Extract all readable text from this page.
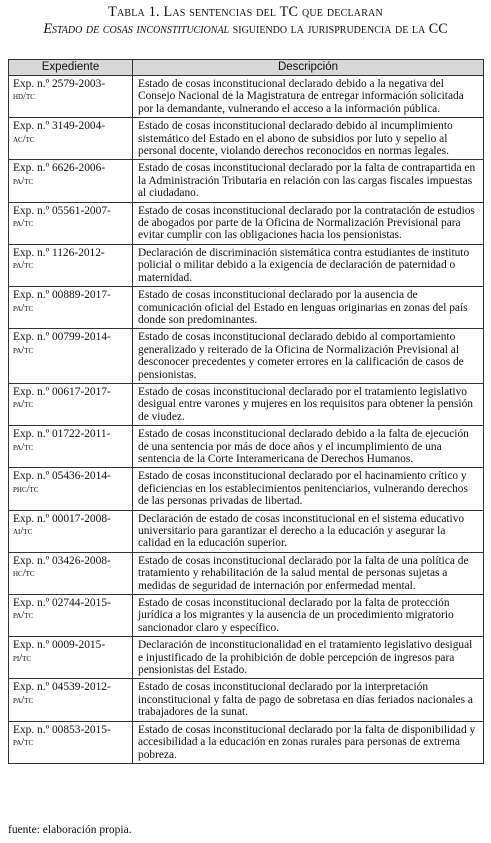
Tabla 1. Las sentencias del TC que declaran
Estado de cosas inconstitucional siguiendo la jurisprudencia de la CC
Expediente	Descripción
Exp. n.º 2579-2003-
hd/tc	Estado de cosas inconstitucional declarado debido a la negativa del Consejo Nacional de la Magistratura de entregar información solicitada por la demandante, vulnerando el acceso a la información pública.
Exp. n.º 3149-2004-
ac/tc	Estado de cosas inconstitucional declarado debido al incumplimiento sistemático del Estado en el abono de subsidios por luto y sepelio al personal docente, violando derechos reconocidos en normas legales.
Exp. n.º 6626-2006-
pa/tc	Estado de cosas inconstitucional declarado por la falta de contrapartida en la Administración Tributaria en relación con las cargas fiscales impuestas al ciudadano.
Exp. n.º 05561-2007-
pa/tc	Estado de cosas inconstitucional declarado por la contratación de estudios de abogados por parte de la Oficina de Normalización Previsional para evitar cumplir con las obligaciones hacia los pensionistas.
Exp. n.º 1126-2012-
pa/tc	Declaración de discriminación sistemática contra estudiantes de instituto policial o militar debido a la exigencia de declaración de paternidad o maternidad.
Exp. n.º 00889-2017-
pa/tc	Estado de cosas inconstitucional declarado por la ausencia de comunicación oficial del Estado en lenguas originarias en zonas del país donde son predominantes.
Exp. n.º 00799-2014-
pa/tc	Estado de cosas inconstitucional declarado debido al comportamiento generalizado y reiterado de la Oficina de Normalización Previsional al desconocer precedentes y cometer errores en la calificación de casos de pensionistas.
Exp. n.º 00617-2017-
pa/tc	Estado de cosas inconstitucional declarado por el tratamiento legislativo desigual entre varones y mujeres en los requisitos para obtener la pensión de viudez.
Exp. n.º 01722-2011-
pa/tc	Estado de cosas inconstitucional declarado debido a la falta de ejecución de una sentencia por más de doce años y el incumplimiento de una sentencia de la Corte Interamericana de Derechos Humanos.
Exp. n.º 05436-2014-
phc/tc	Estado de cosas inconstitucional declarado por el hacinamiento crítico y deficiencias en los establecimientos penitenciarios, vulnerando derechos de las personas privadas de libertad.
Exp. n.º 00017-2008-
ai/tc	Declaración de estado de cosas inconstitucional en el sistema educativo universitario para garantizar el derecho a la educación y asegurar la calidad en la educación superior.
Exp. n.º 03426-2008-
hc/tc	Estado de cosas inconstitucional declarado por la falta de una política de tratamiento y rehabilitación de la salud mental de personas sujetas a medidas de seguridad de internación por enfermedad mental.
Exp. n.º 02744-2015-
pa/tc	Estado de cosas inconstitucional declarado por la falta de protección jurídica a los migrantes y la ausencia de un procedimiento migratorio sancionador claro y específico.
Exp. n.º 0009-2015-
pi/tc	Declaración de inconstitucionalidad en el tratamiento legislativo desigual e injustificado de la prohibición de doble percepción de ingresos para pensionistas del Estado.
Exp. n.º 04539-2012-
pa/tc	Estado de cosas inconstitucional declarado por la interpretación inconstitucional y falta de pago de sobretasa en días feriados nacionales a trabajadores de la sunat.
Exp. n.º 00853-2015-
pa/tc	Estado de cosas inconstitucional declarado por la falta de disponibilidad y accesibilidad a la educación en zonas rurales para personas de extrema pobreza.
fuente: elaboración propia.
